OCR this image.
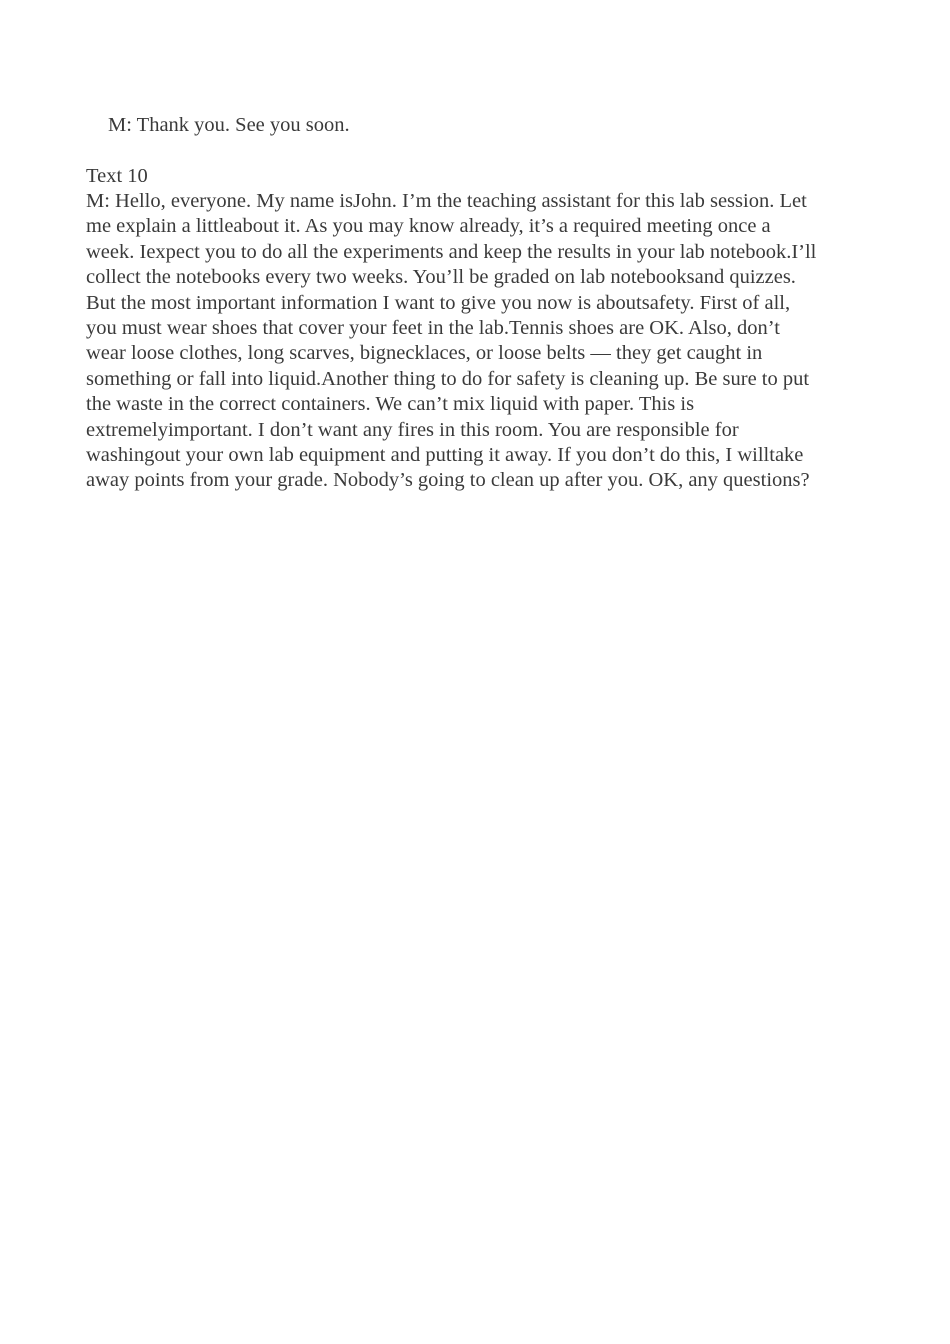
M: Thank you. See you soon.
Text 10
M: Hello, everyone. My name isJohn. I’m the teaching assistant for this lab session. Let
me explain a littleabout it. As you may know already, it’s a required meeting once a
week. Iexpect you to do all the experiments and keep the results in your lab notebook.I’ll
collect the notebooks every two weeks. You’ll be graded on lab notebooksand quizzes.
But the most important information I want to give you now is aboutsafety. First of all,
you must wear shoes that cover your feet in the lab.Tennis shoes are OK. Also, don’t
wear loose clothes, long scarves, bignecklaces, or loose belts — they get caught in
something or fall into liquid.Another thing to do for safety is cleaning up. Be sure to put
the waste in the correct containers. We can’t mix liquid with paper. This is
extremelyimportant. I don’t want any fires in this room. You are responsible for
washingout your own lab equipment and putting it away. If you don’t do this, I willtake
away points from your grade. Nobody’s going to clean up after you. OK, any questions?
